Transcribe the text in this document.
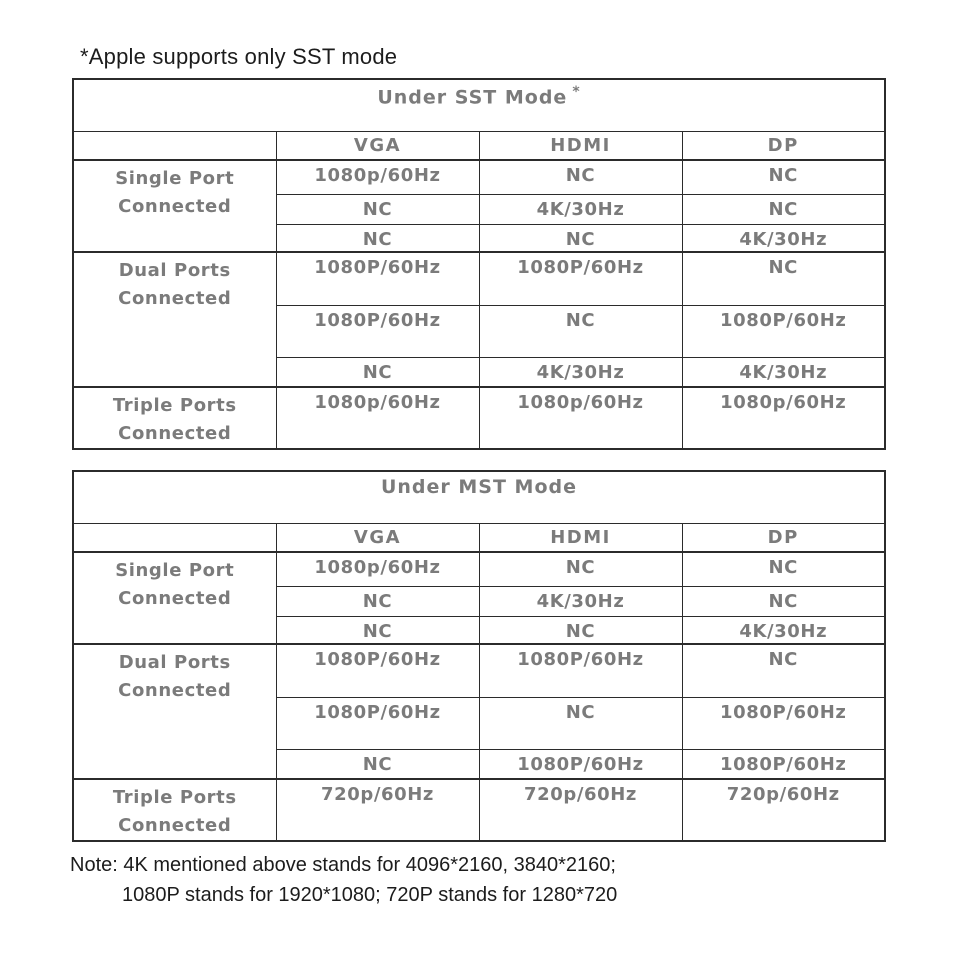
*Apple supports only SST mode
Under SST Mode *
	VGA	HDMI	DP

Single Port
Connected	1080p/60Hz	NC	NC
	NC	4K/30Hz	NC
	NC	NC	4K/30Hz

Dual Ports
Connected	1080P/60Hz	1080P/60Hz	NC
	1080P/60Hz	NC	1080P/60Hz
	NC	4K/30Hz	4K/30Hz

Triple Ports
Connected	1080p/60Hz	1080p/60Hz	1080p/60Hz
Under MST Mode			
	VGA	HDMI	DP

Single Port
Connected	1080p/60Hz	NC	NC
	NC	4K/30Hz	NC
	NC	NC	4K/30Hz

Dual Ports
Connected	1080P/60Hz	1080P/60Hz	NC
	1080P/60Hz	NC	1080P/60Hz
	NC	1080P/60Hz	1080P/60Hz

Triple Ports
Connected	720p/60Hz	720p/60Hz	720p/60Hz
Note: 4K mentioned above stands for 4096*2160, 3840*2160;
1080P stands for 1920*1080; 720P stands for 1280*720
